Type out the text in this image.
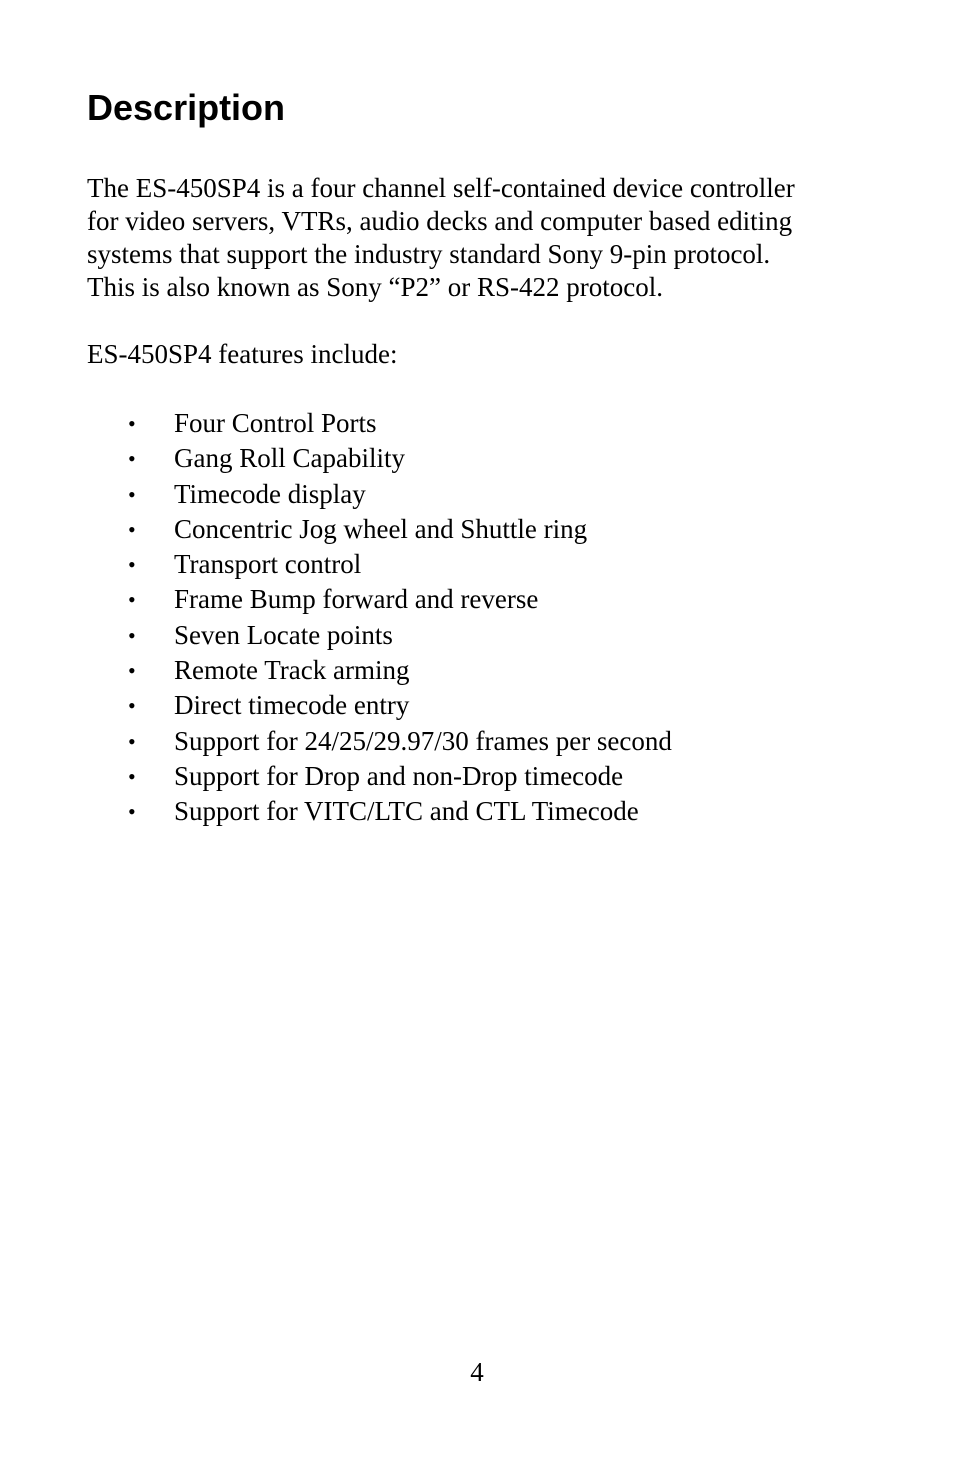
Description

The ES-450SP4 is a four channel self-contained device controller
for video servers, VTRs, audio decks and computer based editing
systems that support the industry standard Sony 9-pin protocol.
This is also known as Sony “P2” or RS-422 protocol.

ES-450SP4 features include:

• Four Control Ports
• Gang Roll Capability
• Timecode display
• Concentric Jog wheel and Shuttle ring
• Transport control
• Frame Bump forward and reverse
• Seven Locate points
• Remote Track arming
• Direct timecode entry
• Support for 24/25/29.97/30 frames per second
• Support for Drop and non-Drop timecode
• Support for VITC/LTC and CTL Timecode

4
